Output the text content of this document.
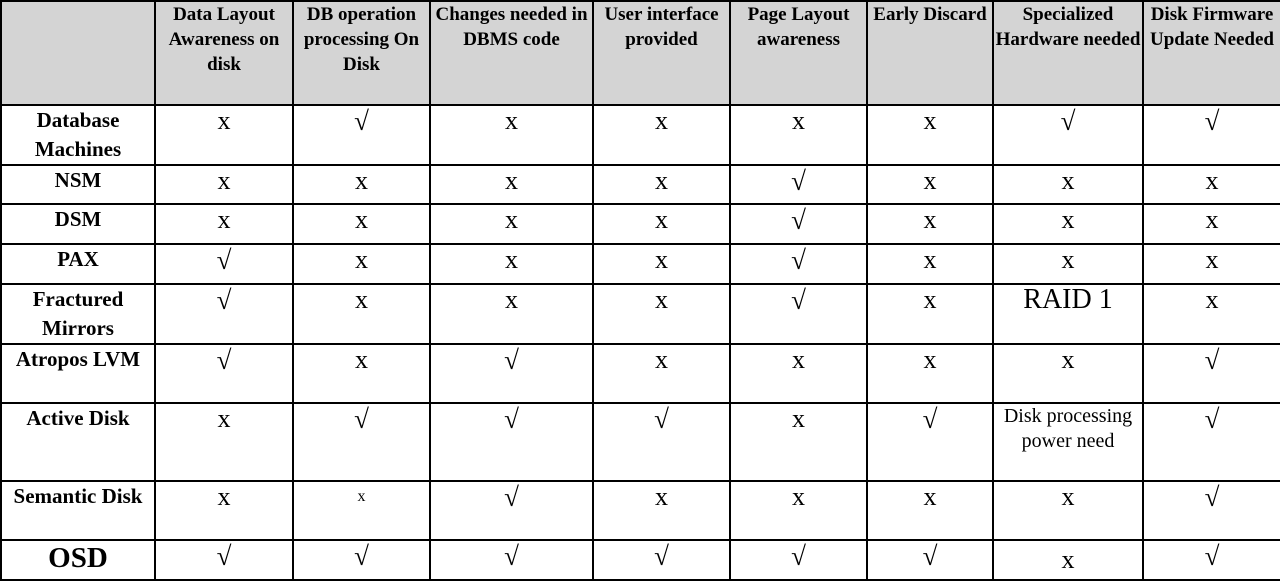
	Data Layout Awareness on disk	DB operation processing On Disk	Changes needed in DBMS code	User interface provided	Page Layout awareness	Early Discard	Specialized Hardware needed	Disk Firmware Update Needed
Database Machines	x	√	x	x	x	x	√	√
NSM	x	x	x	x	√	x	x	x
DSM	x	x	x	x	√	x	x	x
PAX	√	x	x	x	√	x	x	x
Fractured Mirrors	√	x	x	x	√	x	RAID 1	x
Atropos LVM	√	x	√	x	x	x	x	√
Active Disk	x	√	√	√	x	√	Disk processing power need	√
Semantic Disk	x	x	√	x	x	x	x	√
OSD	√	√	√	√	√	√	x	√
